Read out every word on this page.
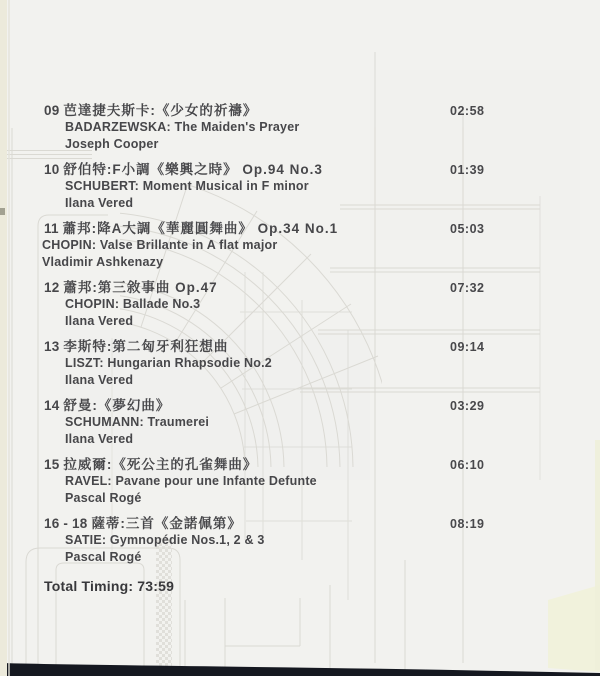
09 芭達捷夫斯卡:《少女的祈禱》
BADARZEWSKA: The Maiden's Prayer
Joseph Cooper
02:58
10 舒伯特:F小調《樂興之時》 Op.94 No.3
SCHUBERT: Moment Musical in F minor
Ilana Vered
01:39
11 蕭邦:降A大調《華麗圓舞曲》 Op.34 No.1
CHOPIN: Valse Brillante in A flat major
Vladimir Ashkenazy
05:03
12 蕭邦:第三敘事曲 Op.47
CHOPIN: Ballade No.3
Ilana Vered
07:32
13 李斯特:第二匈牙利狂想曲
LISZT: Hungarian Rhapsodie No.2
Ilana Vered
09:14
14 舒曼:《夢幻曲》
SCHUMANN: Traumerei
Ilana Vered
03:29
15 拉威爾:《死公主的孔雀舞曲》
RAVEL: Pavane pour une Infante Defunte
Pascal Rogé
06:10
16 - 18 薩蒂:三首《金諾佩第》
SATIE: Gymnopédie Nos.1, 2 & 3
Pascal Rogé
08:19
Total Timing: 73:59
